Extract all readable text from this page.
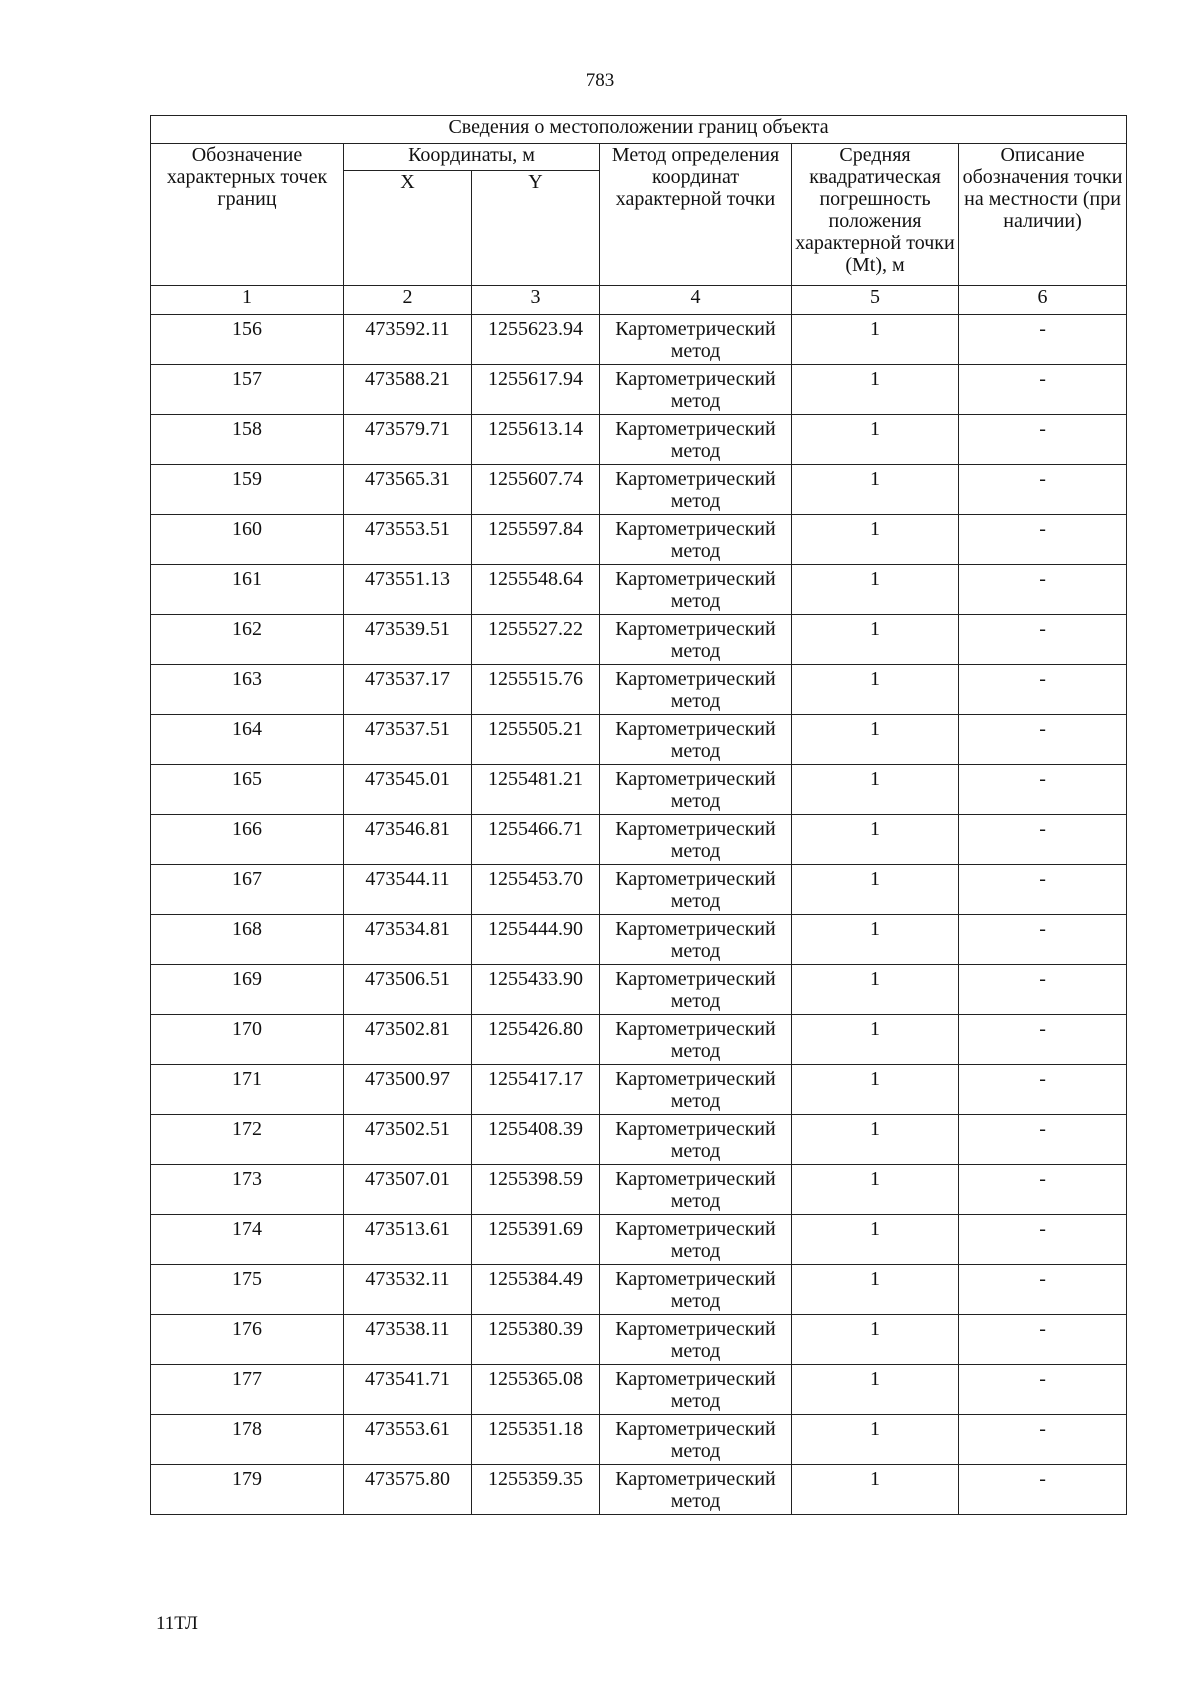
783
Сведения о местоположении границ объекта					
Обозначение характерных точек границ	Координаты, м		Метод определения координат характерной точки	Средняя квадратическая погрешность положения характерной точки (Mt), м	Описание обозначения точки на местности (при наличии)
	X	Y			
1	2	3	4	5	6
156	473592.11	1255623.94	Картометрический метод	1	-
157	473588.21	1255617.94	Картометрический метод	1	-
158	473579.71	1255613.14	Картометрический метод	1	-
159	473565.31	1255607.74	Картометрический метод	1	-
160	473553.51	1255597.84	Картометрический метод	1	-
161	473551.13	1255548.64	Картометрический метод	1	-
162	473539.51	1255527.22	Картометрический метод	1	-
163	473537.17	1255515.76	Картометрический метод	1	-
164	473537.51	1255505.21	Картометрический метод	1	-
165	473545.01	1255481.21	Картометрический метод	1	-
166	473546.81	1255466.71	Картометрический метод	1	-
167	473544.11	1255453.70	Картометрический метод	1	-
168	473534.81	1255444.90	Картометрический метод	1	-
169	473506.51	1255433.90	Картометрический метод	1	-
170	473502.81	1255426.80	Картометрический метод	1	-
171	473500.97	1255417.17	Картометрический метод	1	-
172	473502.51	1255408.39	Картометрический метод	1	-
173	473507.01	1255398.59	Картометрический метод	1	-
174	473513.61	1255391.69	Картометрический метод	1	-
175	473532.11	1255384.49	Картометрический метод	1	-
176	473538.11	1255380.39	Картометрический метод	1	-
177	473541.71	1255365.08	Картометрический метод	1	-
178	473553.61	1255351.18	Картометрический метод	1	-
179	473575.80	1255359.35	Картометрический метод	1	-
11ТЛ
